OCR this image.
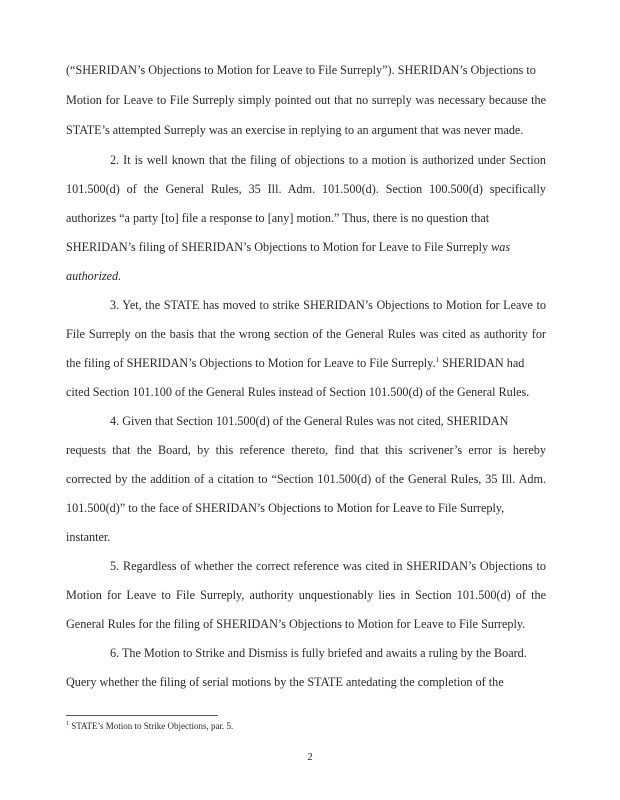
(“SHERIDAN’s Objections to Motion for Leave to File Surreply”). SHERIDAN’s Objections to
Motion for Leave to File Surreply simply pointed out that no surreply was necessary because the
STATE’s attempted Surreply was an exercise in replying to an argument that was never made.
2. It is well known that the filing of objections to a motion is authorized under Section
101.500(d) of the General Rules, 35 Ill. Adm. 101.500(d). Section 100.500(d) specifically
authorizes “a party [to] file a response to [any] motion.” Thus, there is no question that
SHERIDAN’s filing of SHERIDAN’s Objections to Motion for Leave to File Surreply was
authorized.
3. Yet, the STATE has moved to strike SHERIDAN’s Objections to Motion for Leave to
File Surreply on the basis that the wrong section of the General Rules was cited as authority for
the filing of SHERIDAN’s Objections to Motion for Leave to File Surreply.$^1$ SHERIDAN had
cited Section 101.100 of the General Rules instead of Section 101.500(d) of the General Rules.
4. Given that Section 101.500(d) of the General Rules was not cited, SHERIDAN
requests that the Board, by this reference thereto, find that this scrivener’s error is hereby
corrected by the addition of a citation to “Section 101.500(d) of the General Rules, 35 Ill. Adm.
101.500(d)” to the face of SHERIDAN’s Objections to Motion for Leave to File Surreply,
instanter.
5. Regardless of whether the correct reference was cited in SHERIDAN’s Objections to
Motion for Leave to File Surreply, authority unquestionably lies in Section 101.500(d) of the
General Rules for the filing of SHERIDAN’s Objections to Motion for Leave to File Surreply.
6. The Motion to Strike and Dismiss is fully briefed and awaits a ruling by the Board.
Query whether the filing of serial motions by the STATE antedating the completion of the
$^1$ STATE’s Motion to Strike Objections, par. 5.
2
